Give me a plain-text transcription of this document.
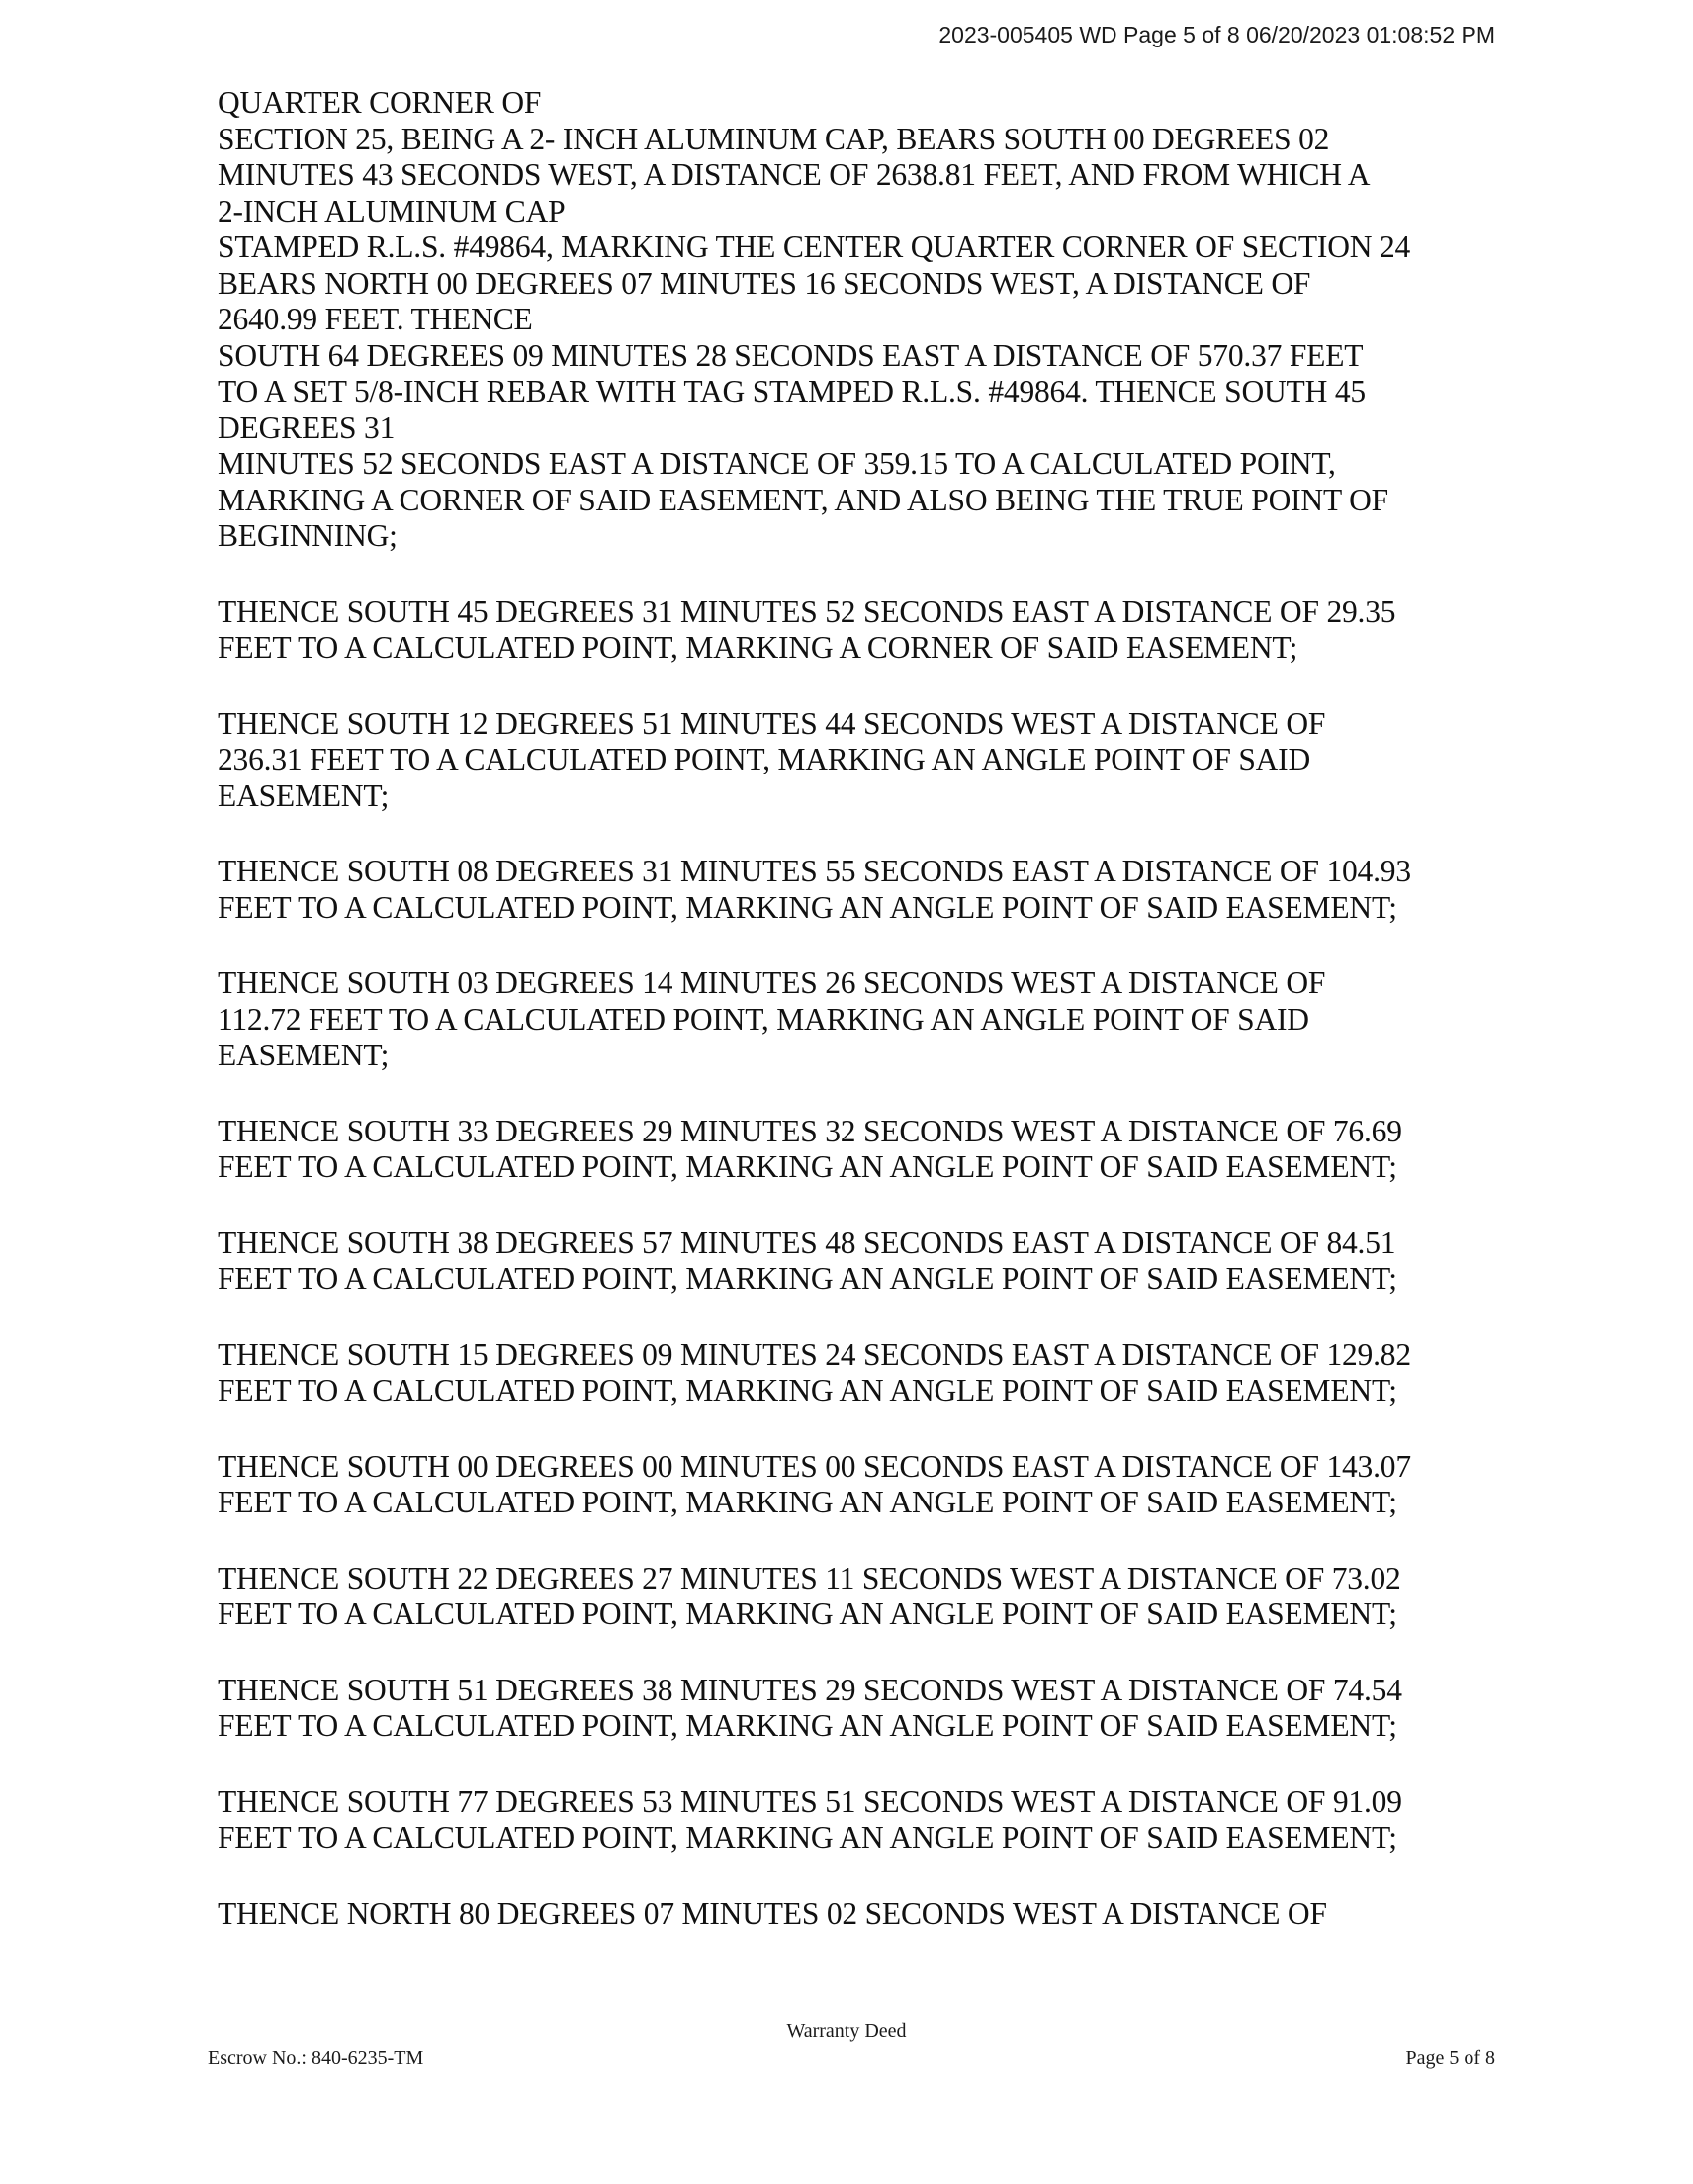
2023-005405 WD Page 5 of 8 06/20/2023 01:08:52 PM
QUARTER CORNER OF
SECTION 25, BEING A 2- INCH ALUMINUM CAP, BEARS SOUTH 00 DEGREES 02
MINUTES 43 SECONDS WEST, A DISTANCE OF 2638.81 FEET, AND FROM WHICH A
2-INCH ALUMINUM CAP
STAMPED R.L.S. #49864, MARKING THE CENTER QUARTER CORNER OF SECTION 24
BEARS NORTH 00 DEGREES 07 MINUTES 16 SECONDS WEST, A DISTANCE OF
2640.99 FEET. THENCE
SOUTH 64 DEGREES 09 MINUTES 28 SECONDS EAST A DISTANCE OF 570.37 FEET
TO A SET 5/8-INCH REBAR WITH TAG STAMPED R.L.S. #49864. THENCE SOUTH 45
DEGREES 31
MINUTES 52 SECONDS EAST A DISTANCE OF 359.15 TO A CALCULATED POINT,
MARKING A CORNER OF SAID EASEMENT, AND ALSO BEING THE TRUE POINT OF
BEGINNING;
THENCE SOUTH 45 DEGREES 31 MINUTES 52 SECONDS EAST A DISTANCE OF 29.35
FEET TO A CALCULATED POINT, MARKING A CORNER OF SAID EASEMENT;
THENCE SOUTH 12 DEGREES 51 MINUTES 44 SECONDS WEST A DISTANCE OF
236.31 FEET TO A CALCULATED POINT, MARKING AN ANGLE POINT OF SAID
EASEMENT;
THENCE SOUTH 08 DEGREES 31 MINUTES 55 SECONDS EAST A DISTANCE OF 104.93
FEET TO A CALCULATED POINT, MARKING AN ANGLE POINT OF SAID EASEMENT;
THENCE SOUTH 03 DEGREES 14 MINUTES 26 SECONDS WEST A DISTANCE OF
112.72 FEET TO A CALCULATED POINT, MARKING AN ANGLE POINT OF SAID
EASEMENT;
THENCE SOUTH 33 DEGREES 29 MINUTES 32 SECONDS WEST A DISTANCE OF 76.69
FEET TO A CALCULATED POINT, MARKING AN ANGLE POINT OF SAID EASEMENT;
THENCE SOUTH 38 DEGREES 57 MINUTES 48 SECONDS EAST A DISTANCE OF 84.51
FEET TO A CALCULATED POINT, MARKING AN ANGLE POINT OF SAID EASEMENT;
THENCE SOUTH 15 DEGREES 09 MINUTES 24 SECONDS EAST A DISTANCE OF 129.82
FEET TO A CALCULATED POINT, MARKING AN ANGLE POINT OF SAID EASEMENT;
THENCE SOUTH 00 DEGREES 00 MINUTES 00 SECONDS EAST A DISTANCE OF 143.07
FEET TO A CALCULATED POINT, MARKING AN ANGLE POINT OF SAID EASEMENT;
THENCE SOUTH 22 DEGREES 27 MINUTES 11 SECONDS WEST A DISTANCE OF 73.02
FEET TO A CALCULATED POINT, MARKING AN ANGLE POINT OF SAID EASEMENT;
THENCE SOUTH 51 DEGREES 38 MINUTES 29 SECONDS WEST A DISTANCE OF 74.54
FEET TO A CALCULATED POINT, MARKING AN ANGLE POINT OF SAID EASEMENT;
THENCE SOUTH 77 DEGREES 53 MINUTES 51 SECONDS WEST A DISTANCE OF 91.09
FEET TO A CALCULATED POINT, MARKING AN ANGLE POINT OF SAID EASEMENT;
THENCE NORTH 80 DEGREES 07 MINUTES 02 SECONDS WEST A DISTANCE OF
Warranty Deed
Escrow No.: 840-6235-TM	Page 5 of 8
